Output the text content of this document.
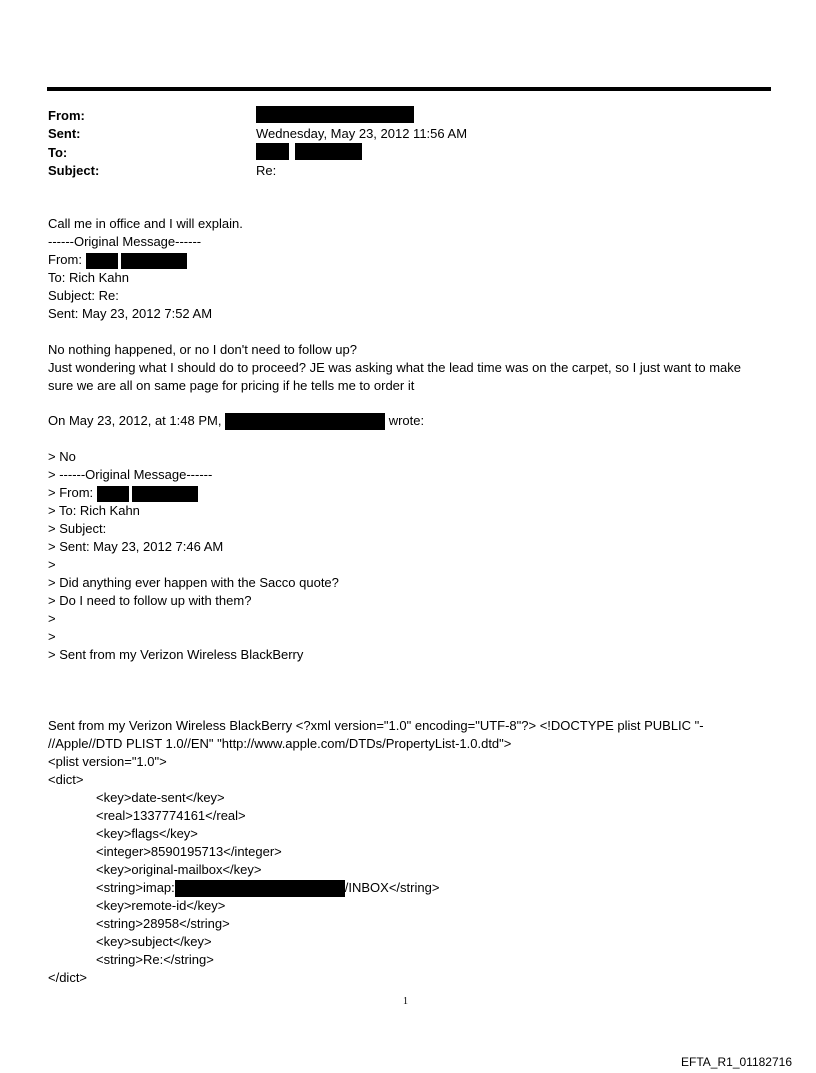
From:
Sent:	Wednesday, May 23, 2012 11:56 AM
To:

Subject:	Re:
Call me in office and I will explain.
------Original Message------
From:
To: Rich Kahn
Subject: Re:
Sent: May 23, 2012 7:52 AM
No nothing happened, or no I don't need to follow up?
Just wondering what I should do to proceed? JE was asking what the lead time was on the carpet, so I just want to make
sure we are all on same page for pricing if he tells me to order it
On May 23, 2012, at 1:48 PM,	wrote:
> No
> ------Original Message------
> From:
> To: Rich Kahn
> Subject:
> Sent: May 23, 2012 7:46 AM
>
> Did anything ever happen with the Sacco quote?
> Do I need to follow up with them?
>
>
> Sent from my Verizon Wireless BlackBerry
Sent from my Verizon Wireless BlackBerry <?xml version="1.0" encoding="UTF-8"?> <!DOCTYPE plist PUBLIC "-
//Apple//DTD PLIST 1.0//EN" "http://www.apple.com/DTDs/PropertyList-1.0.dtd">
<plist version="1.0">
<dict>
<key>date-sent</key>
<real>1337774161</real>
<key>flags</key>
<integer>8590195713</integer>
<key>original-mailbox</key>
<string>imap:	/INBOX</string>
<key>remote-id</key>
<string>28958</string>
<key>subject</key>
<string>Re:</string>
</dict>
1
EFTA_R1_01182716
